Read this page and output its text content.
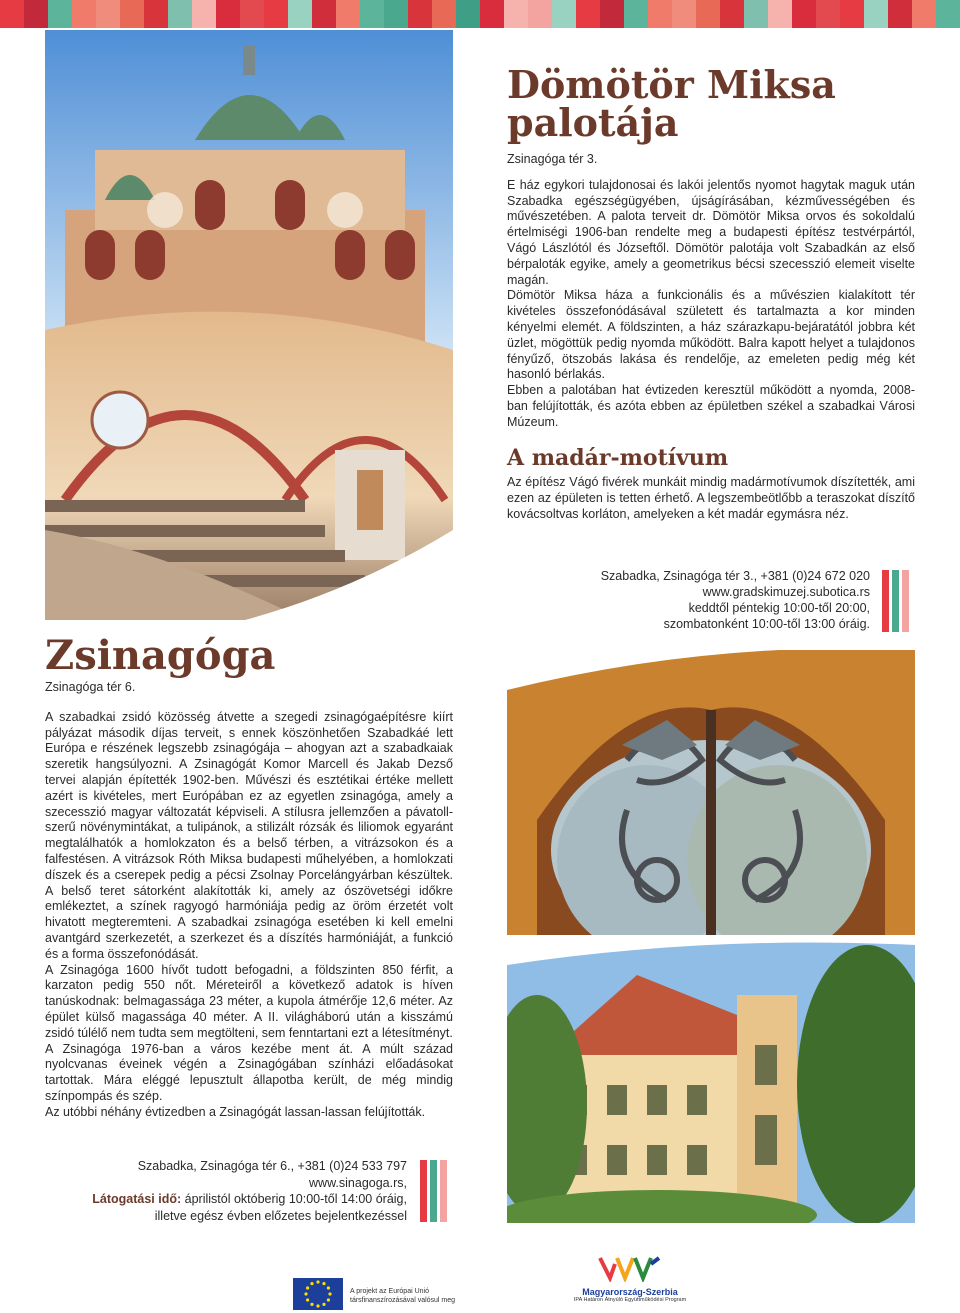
Dömötör Miksa
palotája

Zsinagóga tér 3.

E ház egykori tulajdonosai és lakói jelentős nyomot hagytak maguk után Szabadka egészségügyében, újságírásában, kézművességében és művészetében. A palota terveit dr. Dömötör Miksa orvos és sokoldalú értelmiségi 1906-ban rendelte meg a budapesti építész testvérpártól, Vágó Lászlótól és Józseftől. Dömötör palotája volt Szabadkán az első bérpaloták egyike, amely a geometrikus bécsi szecesszió elemeit viselte magán.

Dömötör Miksa háza a funkcionális és a művészien kialakított tér kivételes összefonódásával született és tartalmazta a kor minden kényelmi elemét. A földszinten, a ház szárazkapu-bejáratától jobbra két üzlet, mögöttük pedig nyomda működött. Balra kapott helyet a tulajdonos fényűző, ötszobás lakása és rendelője, az emeleten pedig még két hasonló bérlakás.

Ebben a palotában hat évtizeden keresztül működött a nyomda, 2008-ban felújították, és azóta ebben az épületben székel a szabadkai Városi Múzeum.

A madár-motívum

Az építész Vágó fivérek munkáit mindig madármotívumok díszítették, ami ezen az épületen is tetten érhető. A legszembeötlőbb a teraszokat díszítő kovácsoltvas korláton, amelyeken a két madár egymásra néz.

Szabadka, Zsinagóga tér 3., +381 (0)24 672 020
www.gradskimuzej.subotica.rs
keddtől péntekig 10:00-től 20:00,
szombatonként 10:00-től 13:00 óráig.
Zsinagóga

Zsinagóga tér 6.

A szabadkai zsidó közösség átvette a szegedi zsinagógaépítésre kiírt pályázat második díjas terveit, s ennek köszönhetően Szabadkáé lett Európa e részének legszebb zsinagógája – ahogyan azt a szabadkaiak szeretik hangsúlyozni. A Zsinagógát Komor Marcell és Jakab Dezső tervei alapján építették 1902-ben. Művészi és esztétikai értéke mellett azért is kivételes, mert Európában ez az egyetlen zsinagóga, amely a szecesszió magyar változatát képviseli. A stílusra jellemzően a pávatoll-szerű növénymintákat, a tulipánok, a stilizált rózsák és liliomok egyaránt megtalálhatók a homlokzaton és a belső térben, a vitrázsokon és a falfestésen. A vitrázsok Róth Miksa budapesti műhelyében, a homlokzati díszek és a cserepek pedig a pécsi Zsolnay Porcelángyárban készültek. A belső teret sátorként alakították ki, amely az ószövetségi időkre emlékeztet, a színek ragyogó harmóniája pedig az öröm érzetét volt hivatott megteremteni. A szabadkai zsinagóga esetében ki kell emelni avantgárd szerkezetét, a szerkezet és a díszítés harmóniáját, a funkció és a forma összefonódását.

A Zsinagóga 1600 hívőt tudott befogadni, a földszinten 850 férfit, a karzaton pedig 550 nőt. Méreteiről a következő adatok is híven tanúskodnak: belmagassága 23 méter, a kupola átmérője 12,6 méter. Az épület külső magassága 40 méter. A II. világháború után a kisszámú zsidó túlélő nem tudta sem megtölteni, sem fenntartani ezt a létesítményt.

A Zsinagóga 1976-ban a város kezébe ment át. A múlt század nyolcvanas éveinek végén a Zsinagógában színházi előadásokat tartottak. Mára eléggé lepusztult állapotba került, de még mindig színpompás és szép.

Az utóbbi néhány évtizedben a Zsinagógát lassan-lassan felújították.

Szabadka, Zsinagóga tér 6., +381 (0)24 533 797
www.sinagoga.rs,
Látogatási idő: áprilistól októberig 10:00-től 14:00 óráig,
illetve egész évben előzetes bejelentkezéssel
A projekt az Európai Unió
társfinanszírozásával valósul meg
Magyarország-Szerbia
IPA Határon Átnyúló Együttműködési Program
